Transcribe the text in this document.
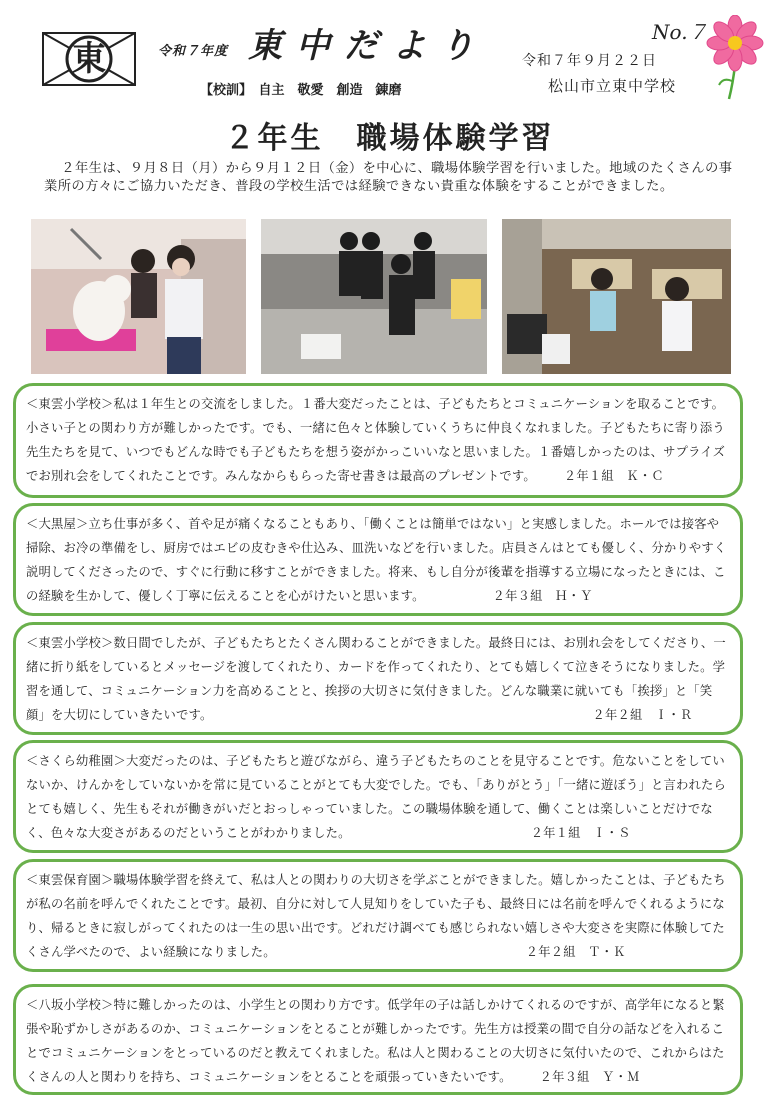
東	令和７年度 東中だより
【校訓】　自主　敬愛　創造　錬磨
No.７
令和７年９月２２日
松山市立東中学校
２年生　職場体験学習
２年生は、９月８日（月）から９月１２日（金）を中心に、職場体験学習を行いました。地域のたくさんの事業所の方々にご協力いただき、普段の学校生活では経験できない貴重な体験をすることができました。

＜東雲小学校＞私は１年生との交流をしました。１番大変だったことは、子どもたちとコミュニケーションを取ることです。小さい子との関わり方が難しかったです。でも、一緒に色々と体験していくうちに仲良くなれました。子どもたちに寄り添う先生たちを見て、いつでもどんな時でも子どもたちを想う姿がかっこいいなと思いました。１番嬉しかったのは、サプライズでお別れ会をしてくれたことです。みんなからもらった寄せ書きは最高のプレゼントです。 ２年１組　Ｋ・Ｃ

＜大黒屋＞立ち仕事が多く、首や足が痛くなることもあり、「働くことは簡単ではない」と実感しました。ホールでは接客や掃除、お冷の準備をし、厨房ではエビの皮むきや仕込み、皿洗いなどを行いました。店員さんはとても優しく、分かりやすく説明してくださったので、すぐに行動に移すことができました。将来、もし自分が後輩を指導する立場になったときには、この経験を生かして、優しく丁寧に伝えることを心がけたいと思います。	２年３組　Ｈ・Ｙ

＜東雲小学校＞数日間でしたが、子どもたちとたくさん関わることができました。最終日には、お別れ会をしてくださり、一緒に折り紙をしているとメッセージを渡してくれたり、カードを作ってくれたり、とても嬉しくて泣きそうになりました。学習を通して、コミュニケーション力を高めることと、挨拶の大切さに気付きました。どんな職業に就いても「挨拶」と「笑顔」を大切にしていきたいです。	２年２組　Ｉ・Ｒ

＜さくら幼稚園＞大変だったのは、子どもたちと遊びながら、違う子どもたちのことを見守ることです。危ないことをしていないか、けんかをしていないかを常に見ていることがとても大変でした。でも、「ありがとう」「一緒に遊ぼう」と言われたらとても嬉しく、先生もそれが働きがいだとおっしゃっていました。この職場体験を通して、働くことは楽しいことだけでなく、色々な大変さがあるのだということがわかりました。	２年１組　Ｉ・Ｓ

＜東雲保育園＞職場体験学習を終えて、私は人との関わりの大切さを学ぶことができました。嬉しかったことは、子どもたちが私の名前を呼んでくれたことです。最初、自分に対して人見知りをしていた子も、最終日には名前を呼んでくれるようになり、帰るときに寂しがってくれたのは一生の思い出です。どれだけ調べても感じられない嬉しさや大変さを実際に体験してたくさん学べたので、よい経験になりました。	２年２組　Ｔ・Ｋ

＜八坂小学校＞特に難しかったのは、小学生との関わり方です。低学年の子は話しかけてくれるのですが、高学年になると緊張や恥ずかしさがあるのか、コミュニケーションをとることが難しかったです。先生方は授業の間で自分の話などを入れることでコミュニケーションをとっているのだと教えてくれました。私は人と関わることの大切さに気付いたので、これからはたくさんの人と関わりを持ち、コミュニケーションをとることを頑張っていきたいです。 ２年３組　Ｙ・Ｍ
